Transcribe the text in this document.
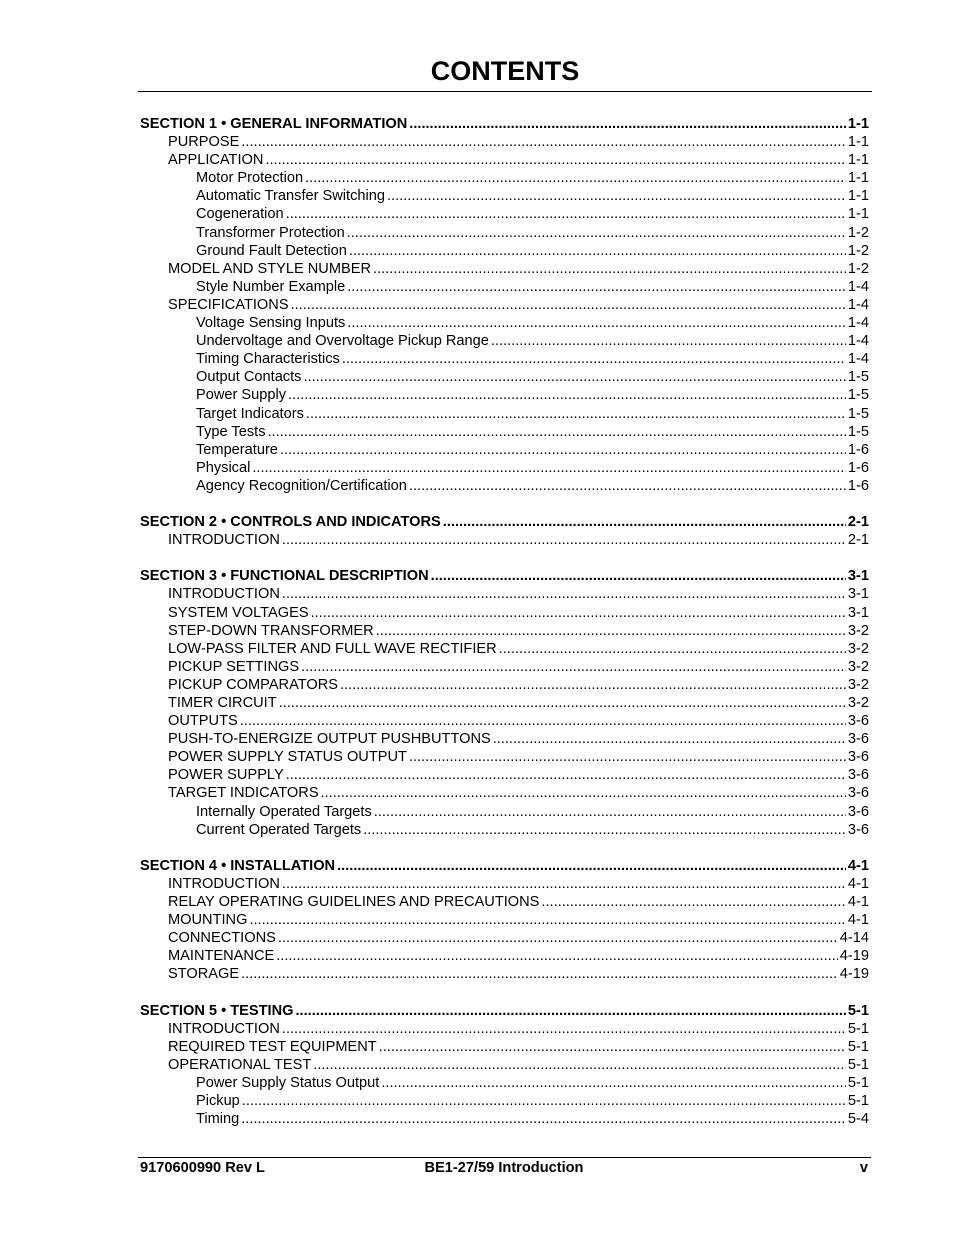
CONTENTS
SECTION 1 • GENERAL INFORMATION .....	1-1
PURPOSE .....	1-1
APPLICATION .....	1-1
Motor Protection .....	1-1
Automatic Transfer Switching .....	1-1
Cogeneration .....	1-1
Transformer Protection .....	1-2
Ground Fault Detection .....	1-2
MODEL AND STYLE NUMBER .....	1-2
Style Number Example .....	1-4
SPECIFICATIONS .....	1-4
Voltage Sensing Inputs .....	1-4
Undervoltage and Overvoltage Pickup Range .....	1-4
Timing Characteristics .....	1-4
Output Contacts .....	1-5
Power Supply .....	1-5
Target Indicators .....	1-5
Type Tests .....	1-5
Temperature .....	1-6
Physical .....	1-6
Agency Recognition/Certification .....	1-6
SECTION 2 • CONTROLS AND INDICATORS .....	2-1
INTRODUCTION .....	2-1
SECTION 3 • FUNCTIONAL DESCRIPTION .....	3-1
INTRODUCTION .....	3-1
SYSTEM VOLTAGES .....	3-1
STEP-DOWN TRANSFORMER .....	3-2
LOW-PASS FILTER AND FULL WAVE RECTIFIER .....	3-2
PICKUP SETTINGS .....	3-2
PICKUP COMPARATORS .....	3-2
TIMER CIRCUIT .....	3-2
OUTPUTS .....	3-6
PUSH-TO-ENERGIZE OUTPUT PUSHBUTTONS .....	3-6
POWER SUPPLY STATUS OUTPUT .....	3-6
POWER SUPPLY .....	3-6
TARGET INDICATORS .....	3-6
Internally Operated Targets .....	3-6
Current Operated Targets .....	3-6
SECTION 4 • INSTALLATION .....	4-1
INTRODUCTION .....	4-1
RELAY OPERATING GUIDELINES AND PRECAUTIONS .....	4-1
MOUNTING .....	4-1
CONNECTIONS .....	4-14
MAINTENANCE .....	4-19
STORAGE .....	4-19
SECTION 5 • TESTING .....	5-1
INTRODUCTION .....	5-1
REQUIRED TEST EQUIPMENT .....	5-1
OPERATIONAL TEST .....	5-1
Power Supply Status Output .....	5-1
Pickup .....	5-1
Timing .....	5-4
9170600990 Rev L	BE1-27/59 Introduction	v
